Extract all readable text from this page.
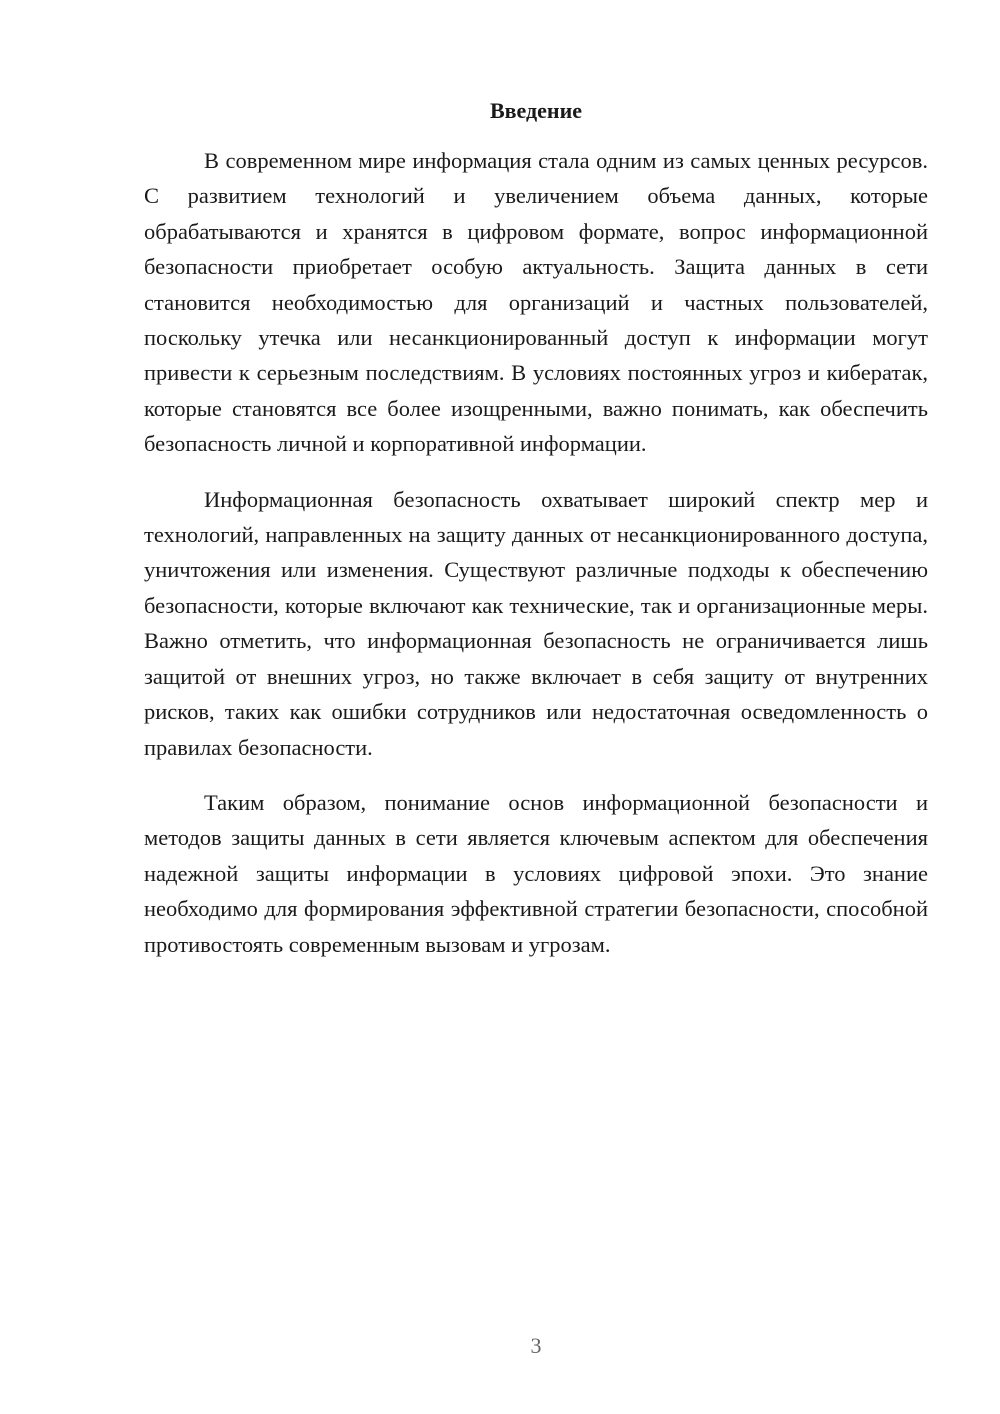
Введение

В современном мире информация стала одним из самых ценных ресурсов. С развитием технологий и увеличением объема данных, которые обрабатываются и хранятся в цифровом формате, вопрос информационной безопасности приобретает особую актуальность. Защита данных в сети становится необходимостью для организаций и частных пользователей, поскольку утечка или несанкционированный доступ к информации могут привести к серьезным последствиям. В условиях постоянных угроз и кибератак, которые становятся все более изощренными, важно понимать, как обеспечить безопасность личной и корпоративной информации.

Информационная безопасность охватывает широкий спектр мер и технологий, направленных на защиту данных от несанкционированного доступа, уничтожения или изменения. Существуют различные подходы к обеспечению безопасности, которые включают как технические, так и организационные меры. Важно отметить, что информационная безопасность не ограничивается лишь защитой от внешних угроз, но также включает в себя защиту от внутренних рисков, таких как ошибки сотрудников или недостаточная осведомленность о правилах безопасности.

Таким образом, понимание основ информационной безопасности и методов защиты данных в сети является ключевым аспектом для обеспечения надежной защиты информации в условиях цифровой эпохи. Это знание необходимо для формирования эффективной стратегии безопасности, способной противостоять современным вызовам и угрозам.

3
